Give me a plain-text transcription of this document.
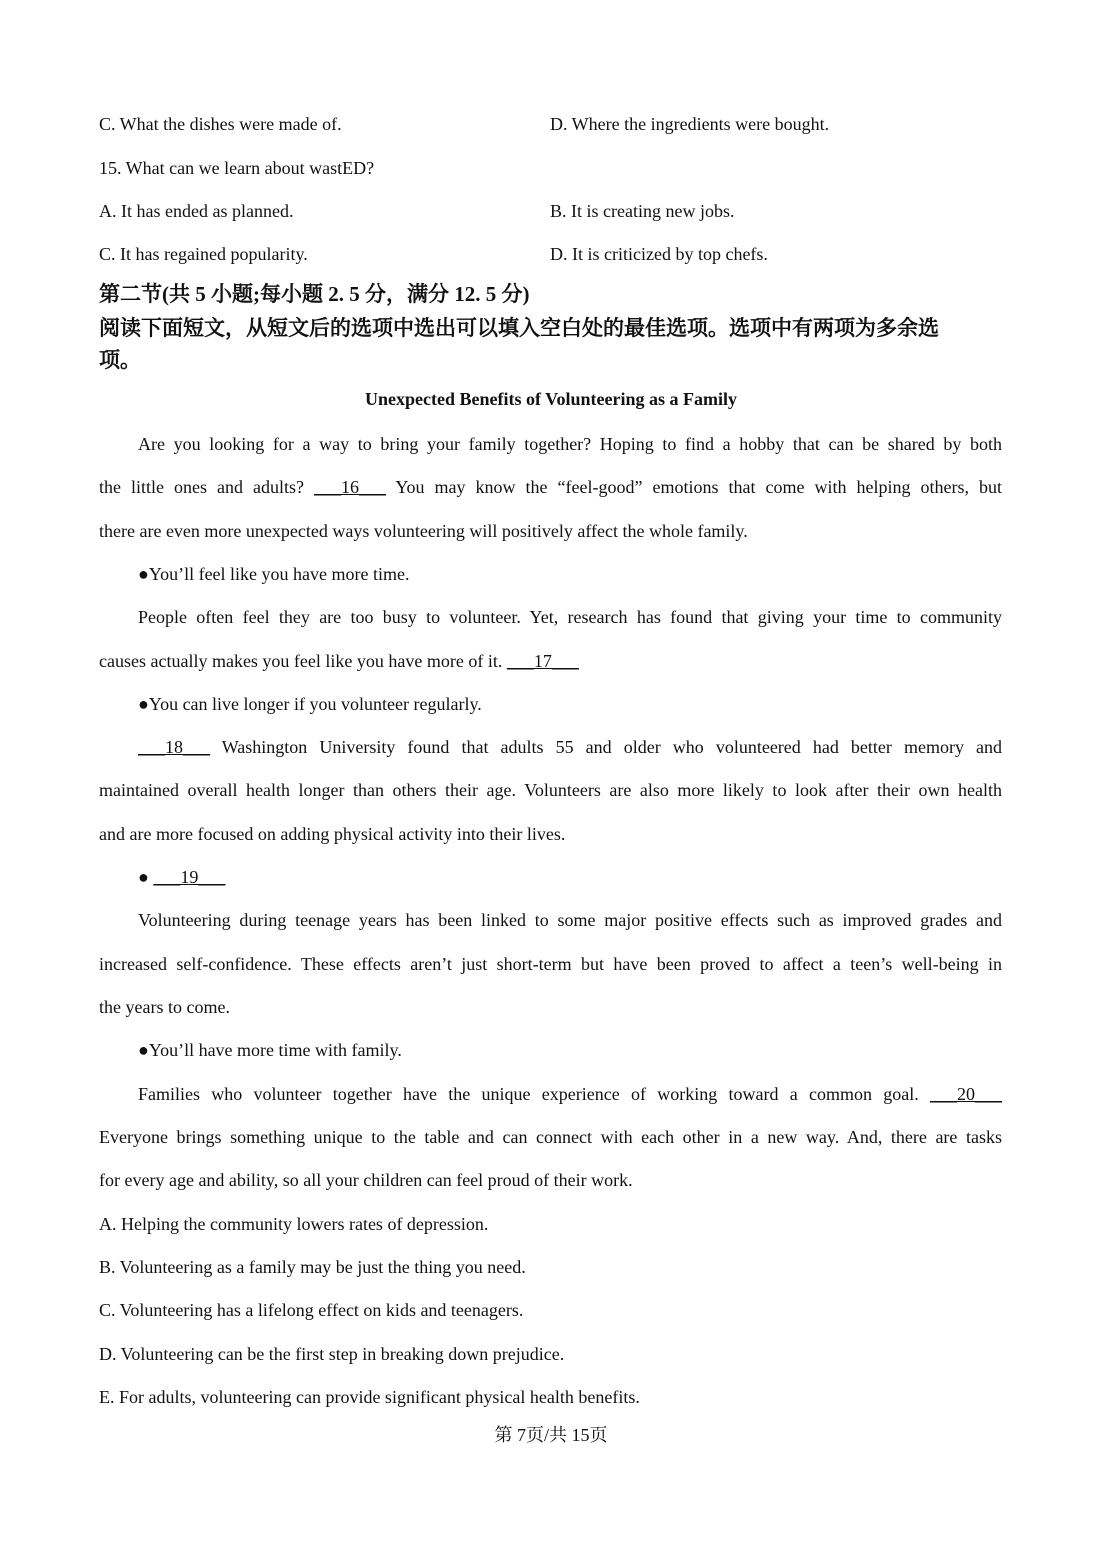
C. What the dishes were made of.	D. Where the ingredients were bought.
15. What can we learn about wastED?
A. It has ended as planned.	B. It is creating new jobs.
C. It has regained popularity.	D. It is criticized by top chefs.
第二节(共 5 小题;每小题 2. 5 分，满分 12. 5 分)
阅读下面短文，从短文后的选项中选出可以填入空白处的最佳选项。选项中有两项为多余选
项。
Unexpected Benefits of Volunteering as a Family
Are you looking for a way to bring your family together? Hoping to find a hobby that can be shared by both
the little ones and adults? ___16___ You may know the “feel-good” emotions that come with helping others, but
there are even more unexpected ways volunteering will positively affect the whole family.
●You’ll feel like you have more time.
People often feel they are too busy to volunteer. Yet, research has found that giving your time to community
causes actually makes you feel like you have more of it. ___17___
●You can live longer if you volunteer regularly.
___18___ Washington University found that adults 55 and older who volunteered had better memory and
maintained overall health longer than others their age. Volunteers are also more likely to look after their own health
and are more focused on adding physical activity into their lives.
● ___19___
Volunteering during teenage years has been linked to some major positive effects such as improved grades and
increased self-confidence. These effects aren’t just short-term but have been proved to affect a teen’s well-being in
the years to come.
●You’ll have more time with family.
Families who volunteer together have the unique experience of working toward a common goal. ___20___
Everyone brings something unique to the table and can connect with each other in a new way. And, there are tasks
for every age and ability, so all your children can feel proud of their work.
A. Helping the community lowers rates of depression.
B. Volunteering as a family may be just the thing you need.
C. Volunteering has a lifelong effect on kids and teenagers.
D. Volunteering can be the first step in breaking down prejudice.
E. For adults, volunteering can provide significant physical health benefits.
第 7页/共 15页
